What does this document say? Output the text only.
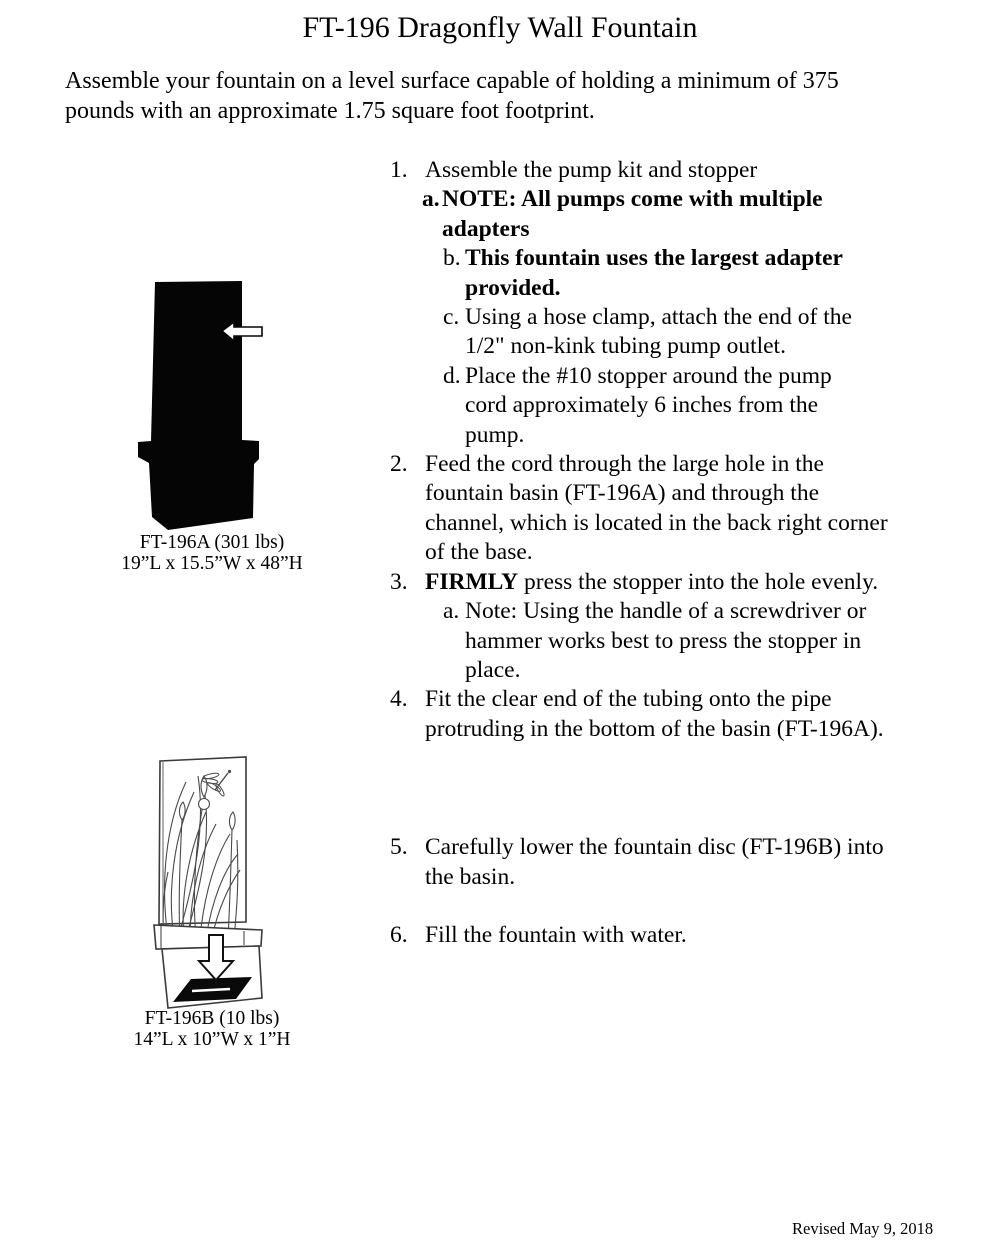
FT-196 Dragonfly Wall Fountain
Assemble your fountain on a level surface capable of holding a minimum of 375
pounds with an approximate 1.75 square foot footprint.
FT-196A (301 lbs)
19”L x 15.5”W x 48”H
FT-196B (10 lbs)
14”L x 10”W x 1”H
1. Assemble the pump kit and stopper
a. NOTE: All pumps come with multiple
adapters
b. This fountain uses the largest adapter
provided.
c. Using a hose clamp, attach the end of the
1/2" non-kink tubing pump outlet.
d. Place the #10 stopper around the pump
cord approximately 6 inches from the
pump.
2. Feed the cord through the large hole in the
fountain basin (FT-196A) and through the
channel, which is located in the back right corner
of the base.
3. FIRMLY press the stopper into the hole evenly.
a. Note: Using the handle of a screwdriver or
hammer works best to press the stopper in
place.
4. Fit the clear end of the tubing onto the pipe
protruding in the bottom of the basin (FT-196A).
5. Carefully lower the fountain disc (FT-196B) into
the basin.
6. Fill the fountain with water.
Revised May 9, 2018
